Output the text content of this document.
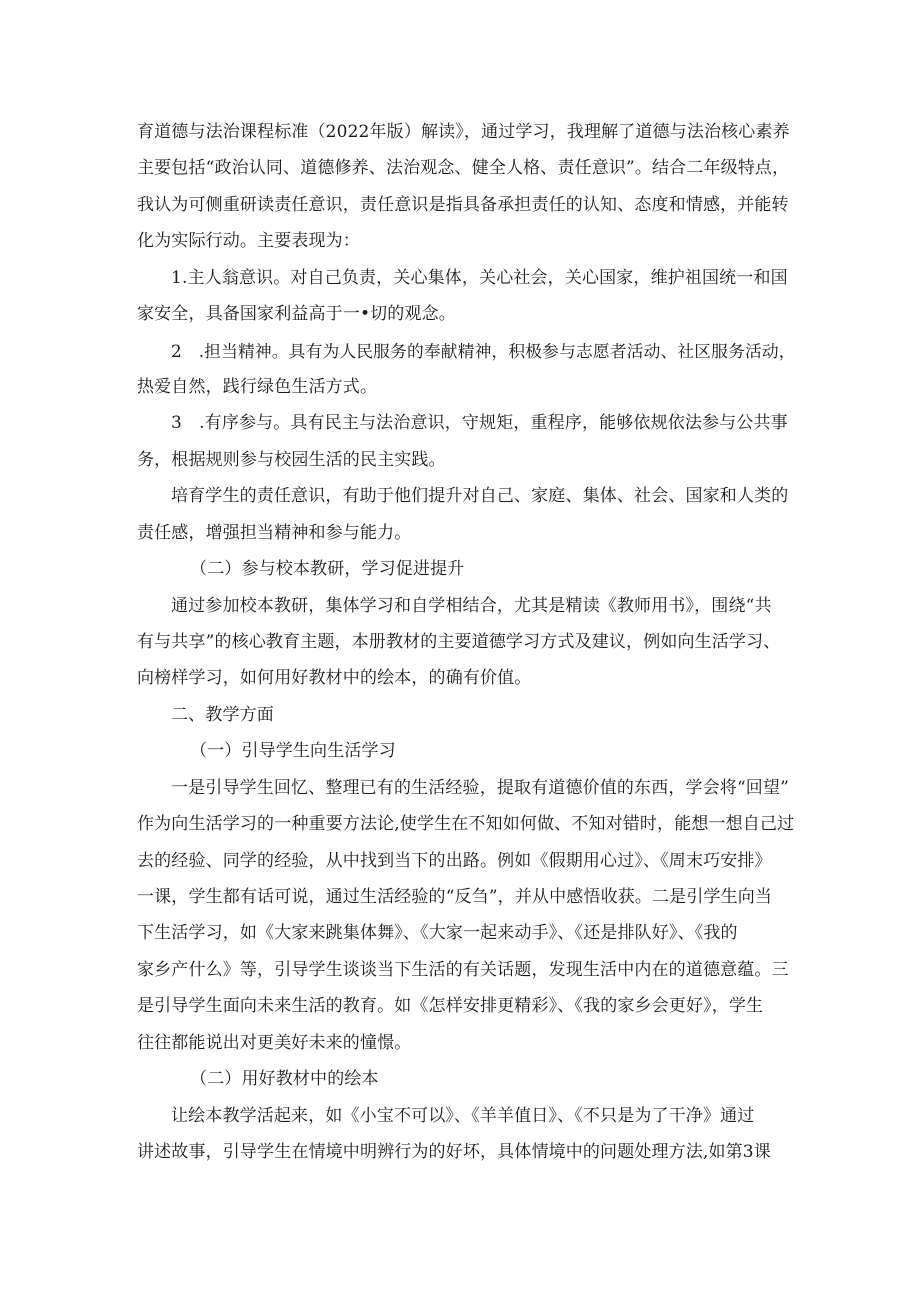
育道德与法治课程标准（2022年版）解读》，通过学习，我理解了道德与法治核心素养
主要包括“政治认同、道德修养、法治观念、健全人格、责任意识”。结合二年级特点，
我认为可侧重研读责任意识，责任意识是指具备承担责任的认知、态度和情感，并能转
化为实际行动。主要表现为：
1.主人翁意识。对自己负责，关心集体，关心社会，关心国家，维护祖国统一和国
家安全，具备国家利益高于一•切的观念。
2　.担当精神。具有为人民服务的奉献精神，积极参与志愿者活动、社区服务活动，
热爱自然，践行绿色生活方式。
3　.有序参与。具有民主与法治意识，守规矩，重程序，能够依规依法参与公共事
务，根据规则参与校园生活的民主实践。
培育学生的责任意识，有助于他们提升对自己、家庭、集体、社会、国家和人类的
责任感，增强担当精神和参与能力。
（二）参与校本教研，学习促进提升
通过参加校本教研，集体学习和自学相结合，尤其是精读《教师用书》，围绕“共
有与共享”的核心教育主题，本册教材的主要道德学习方式及建议，例如向生活学习、
向榜样学习，如何用好教材中的绘本，的确有价值。
二、教学方面
（一）引导学生向生活学习
一是引导学生回忆、整理已有的生活经验，提取有道德价值的东西，学会将“回望”
作为向生活学习的一种重要方法论,使学生在不知如何做、不知对错时，能想一想自己过
去的经验、同学的经验，从中找到当下的出路。例如《假期用心过》、《周末巧安排》
一课，学生都有话可说，通过生活经验的“反刍”，并从中感悟收获。二是引学生向当
下生活学习，如《大家来跳集体舞》、《大家一起来动手》、《还是排队好》、《我的
家乡产什么》等，引导学生谈谈当下生活的有关话题，发现生活中内在的道德意蕴。三
是引导学生面向未来生活的教育。如《怎样安排更精彩》、《我的家乡会更好》，学生
往往都能说出对更美好未来的憧憬。
（二）用好教材中的绘本
让绘本教学活起来，如《小宝不可以》、《羊羊值日》、《不只是为了干净》通过
讲述故事，引导学生在情境中明辨行为的好坏，具体情境中的问题处理方法,如第3课
